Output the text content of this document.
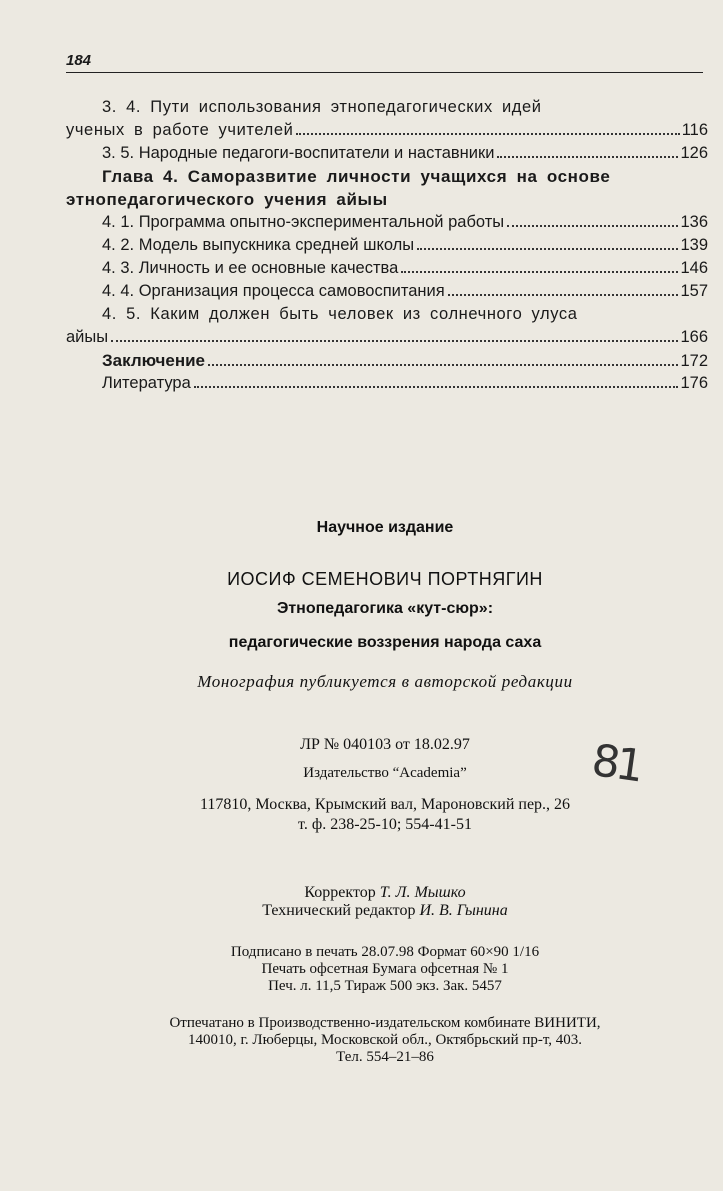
184
3. 4. Пути использования этнопедагогических идей
ученых в работе учителей	116
3. 5. Народные педагоги-воспитатели и наставники	126
Глава 4. Саморазвитие личности учащихся на основе
этнопедагогического учения айыы
4. 1. Программа опытно-экспериментальной работы	136
4. 2. Модель выпускника средней школы	139
4. 3. Личность и ее основные качества	146
4. 4. Организация процесса самовоспитания	157
4. 5. Каким должен быть человек из солнечного улуса
айыы	166
Заключение	172
Литература	176
Научное издание
ИОСИФ СЕМЕНОВИЧ ПОРТНЯГИН
Этнопедагогика «кут-сюр»:
педагогические воззрения народа саха
Монография публикуется в авторской редакции
ЛР № 040103 от 18.02.97
Издательство “Academia”
117810, Москва, Крымский вал, Мароновский пер., 26
т. ф. 238-25-10; 554-41-51
Корректор Т. Л. Мышко
Технический редактор И. В. Гынина
Подписано в печать 28.07.98 Формат 60×90 1/16
Печать офсетная Бумага офсетная № 1
Печ. л. 11,5 Тираж 500 экз. Зак. 5457
Отпечатано в Производственно-издательском комбинате ВИНИТИ,
140010, г. Люберцы, Московской обл., Октябрьский пр-т, 403.
Тел. 554–21–86
81
